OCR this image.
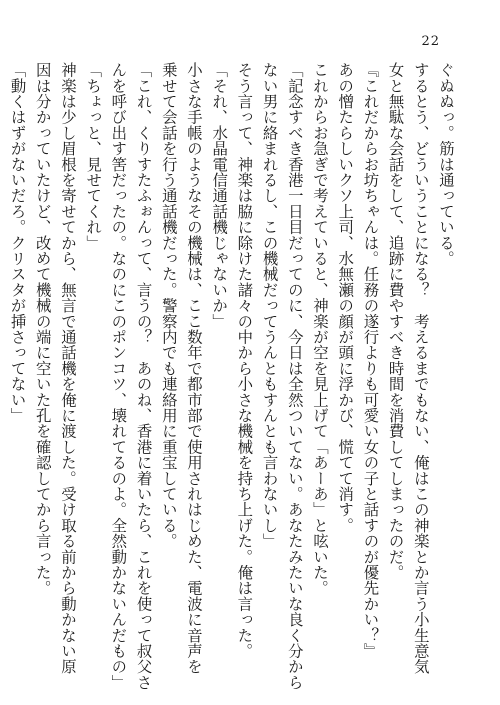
22
ぐぬぬっ。筋は通っている。
するとう、どういうことになる？　考えるまでもない、俺はこの神楽とか言う小生意気
女と無駄な会話をして、追跡に費やすべき時間を消費してしまったのだ。
『これだからお坊ちゃんは。任務の遂行よりも可愛い女の子と話すのが優先かい？』
あの憎たらしいクソ上司、水無瀬の顔が頭に浮かび、慌てて消す。
これからお急ぎで考えていると、神楽が空を見上げて「あーあ」と呟いた。
「記念すべき香港一日目だってのに、今日は全然ついてない。あなたみたいな良く分から
ない男に絡まれるし、この機械だってうんともすんとも言わないし」
そう言って、神楽は脇に除けた諸々の中から小さな機械を持ち上げた。俺は言った。
「それ、水晶電信通話機じゃないか」
小さな手帳のようなその機械は、ここ数年で都市部で使用されはじめた、電波に音声を
乗せて会話を行う通話機だった。警察内でも連絡用に重宝している。
「これ、くりすたふぉんって、言うの？　あのね、香港に着いたら、これを使って叔父さ
んを呼び出す筈だったの。なのにこのポンコツ、壊れてるのよ。全然動かないんだもの」
「ちょっと、見せてくれ」
神楽は少し眉根を寄せてから、無言で通話機を俺に渡した。受け取る前から動かない原
因は分かっていたけど、改めて機械の端に空いた孔を確認してから言った。
「動くはずがないだろ。クリスタが挿さってない」
